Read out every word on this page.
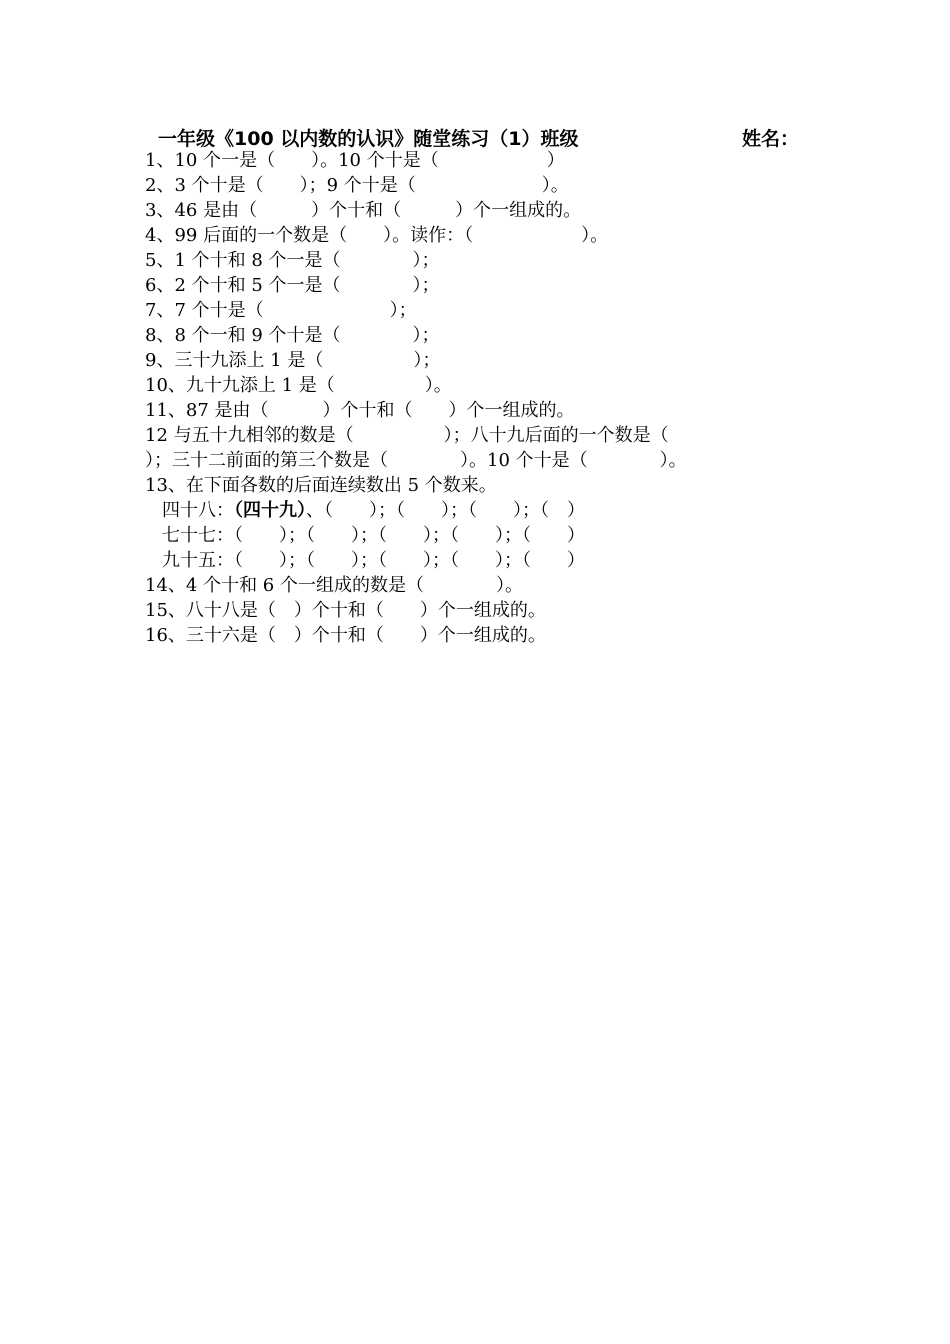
一年级《100 以内数的认识》随堂练习（1）班级	姓名：
1、10 个一是（　　）。10 个十是（　　　　　　）
2、3 个十是（　　）；9 个十是（　　　　　　　）。
3、46 是由（　　　）个十和（　　　）个一组成的。
4、99 后面的一个数是（　　）。读作：（　　　　　　）。
5、1 个十和 8 个一是（　　　　）；
6、2 个十和 5 个一是（　　　　）；
7、7 个十是（　　　　　　　）；
8、8 个一和 9 个十是（　　　　）；
9、三十九添上 1 是（　　　　　）；
10、九十九添上 1 是（　　　　　）。
11、87 是由（　　　）个十和（　　）个一组成的。
12 与五十九相邻的数是（　　　　　）；八十九后面的一个数是（
）；三十二前面的第三个数是（　　　　）。10 个十是（　　　　）。
13、在下面各数的后面连续数出 5 个数来。
四十八：（四十九）、（　　）；（　　）；（　　）；（　）
七十七：（　　）；（　　）；（　　）；（　　）；（　　）
九十五：（　　）；（　　）；（　　）；（　　）；（　　）
14、4 个十和 6 个一组成的数是（　　　　）。
15、八十八是（　）个十和（　　）个一组成的。
16、三十六是（　）个十和（　　）个一组成的。
